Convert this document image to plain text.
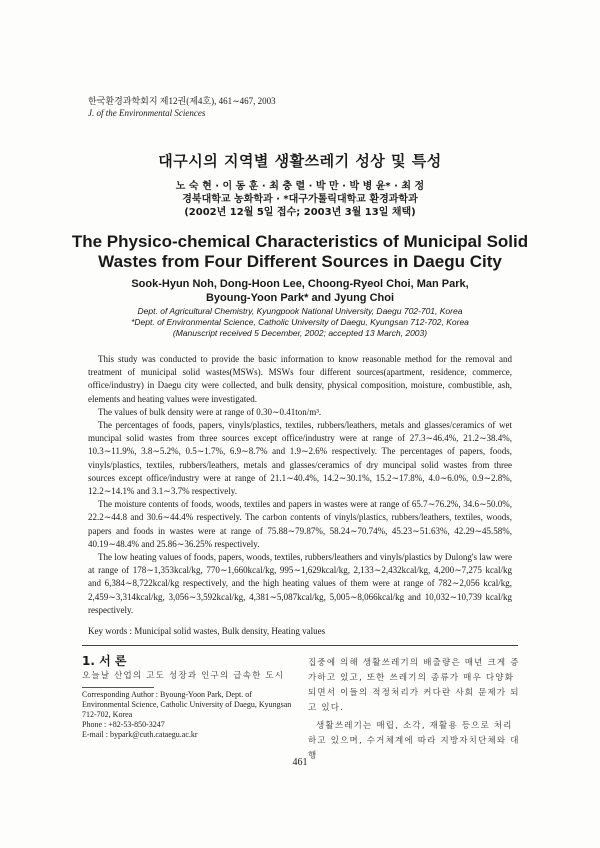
한국환경과학회지 제12권(제4호), 461∼467, 2003
J. of the Environmental Sciences
대구시의 지역별 생활쓰레기 성상 및 특성
노 숙 현 · 이 동 훈 · 최 충 렬 · 박 만 · 박 병 윤* · 최 정
경북대학교 농화학과 · *대구가톨릭대학교 환경과학과
(2002년 12월 5일 접수; 2003년 3월 13일 채택)
The Physico-chemical Characteristics of Municipal Solid
Wastes from Four Different Sources in Daegu City
Sook-Hyun Noh, Dong-Hoon Lee, Choong-Ryeol Choi, Man Park,
Byoung-Yoon Park* and Jyung Choi
Dept. of Agricultural Chemistry, Kyungpook National University, Daegu 702-701, Korea
*Dept. of Environmental Science, Catholic University of Daegu, Kyungsan 712-702, Korea
(Manuscript received 5 December, 2002; accepted 13 March, 2003)

This study was conducted to provide the basic information to know reasonable method for the removal and treatment of municipal solid wastes(MSWs). MSWs four different sources(apartment, residence, commerce, office/industry) in Daegu city were collected, and bulk density, physical composition, moisture, combustible, ash, elements and heating values were investigated.

The values of bulk density were at range of 0.30∼0.41ton/m³.

The percentages of foods, papers, vinyls/plastics, textiles, rubbers/leathers, metals and glasses/ceramics of wet muncipal solid wastes from three sources except office/industry were at range of 27.3∼46.4%, 21.2∼38.4%, 10.3∼11.9%, 3.8∼5.2%, 0.5∼1.7%, 6.9∼8.7% and 1.9∼2.6% respectively. The percentages of papers, foods, vinyls/plastics, textiles, rubbers/leathers, metals and glasses/ceramics of dry muncipal solid wastes from three sources except office/industry were at range of 21.1∼40.4%, 14.2∼30.1%, 15.2∼17.8%, 4.0∼6.0%, 0.9∼2.8%, 12.2∼14.1% and 3.1∼3.7% respectively.

The moisture contents of foods, woods, textiles and papers in wastes were at range of 65.7∼76.2%, 34.6∼50.0%, 22.2∼44.8 and 30.6∼44.4% respectively. The carbon contents of vinyls/plastics, rubbers/leathers, textiles, woods, papers and foods in wastes were at range of 75.88∼79.87%, 58.24∼70.74%, 45.23∼51.63%, 42.29∼45.58%, 40.19∼48.4% and 25.86∼36.25% respectively.

The low heating values of foods, papers, woods, textiles, rubbers/leathers and vinyls/plastics by Dulong's law were at range of 178∼1,353kcal/kg, 770∼1,660kcal/kg, 995∼1,629kcal/kg, 2,133∼2,432kcal/kg, 4,200∼7,275 kcal/kg and 6,384∼8,722kcal/kg respectively, and the high heating values of them were at range of 782∼2,056 kcal/kg, 2,459∼3,314kcal/kg, 3,056∼3,592kcal/kg, 4,381∼5,087kcal/kg, 5,005∼8,066kcal/kg and 10,032∼10,739 kcal/kg respectively.

Key words : Municipal solid wastes, Bulk density, Heating values
1. 서 론
오늘날 산업의 고도 성장과 인구의 급속한 도시
Corresponding Author : Byoung-Yoon Park, Dept. of Environmental Science, Catholic University of Daegu, Kyungsan 712-702, Korea
Phone : +82-53-850-3247
E-mail : bypark@cuth.cataegu.ac.kr

집중에 의해 생활쓰레기의 배출량은 매년 크게 증가하고 있고, 또한 쓰레기의 종류가 매우 다양화되면서 이들의 적정처리가 커다란 사회 문제가 되고 있다.

생활쓰레기는 매립, 소각, 재활용 등으로 처리하고 있으며, 수거체계에 따라 지방자치단체와 대행

461
